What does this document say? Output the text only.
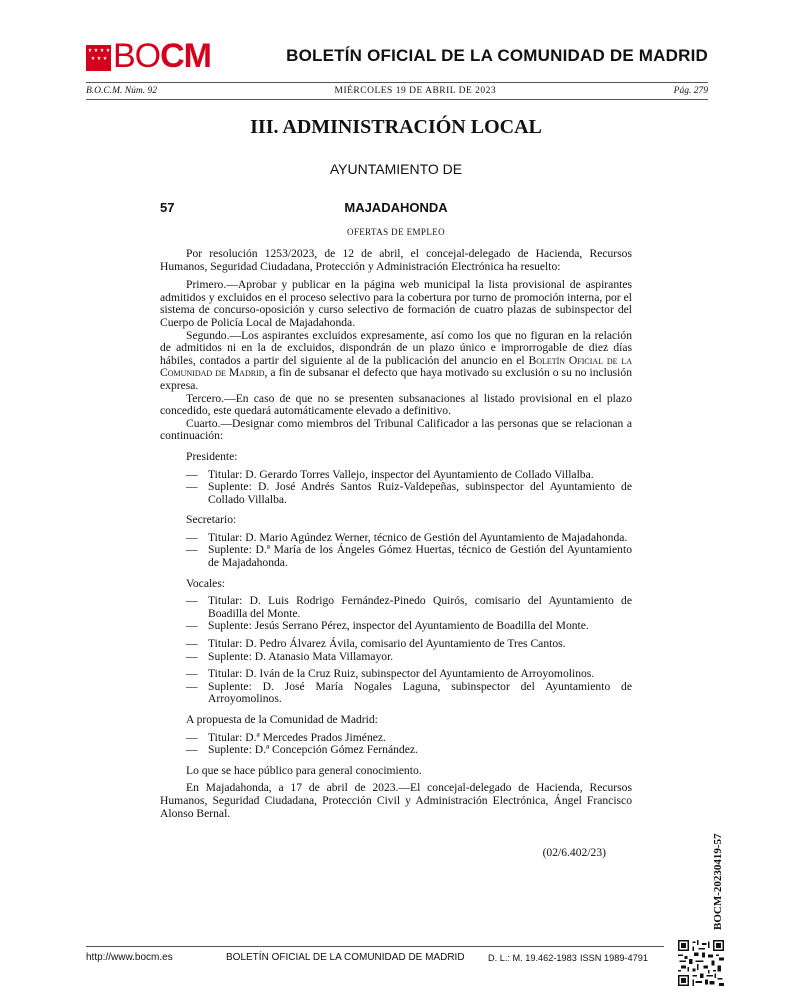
BO CM	BOLETÍN OFICIAL DE LA COMUNIDAD DE MADRID
B.O.C.M. Núm. 92	MIÉRCOLES 19 DE ABRIL DE 2023	Pág. 279
III. ADMINISTRACIÓN LOCAL
AYUNTAMIENTO DE
57	MAJADAHONDA
OFERTAS DE EMPLEO

Por resolución 1253/2023, de 12 de abril, el concejal-delegado de Hacienda, Recursos Humanos, Seguridad Ciudadana, Protección y Administración Electrónica ha resuelto:

Primero.—Aprobar y publicar en la página web municipal la lista provisional de aspirantes admitidos y excluidos en el proceso selectivo para la cobertura por turno de promoción interna, por el sistema de concurso-oposición y curso selectivo de formación de cuatro plazas de subinspector del Cuerpo de Policía Local de Majadahonda.

Segundo.—Los aspirantes excluidos expresamente, así como los que no figuran en la relación de admitidos ni en la de excluidos, dispondrán de un plazo único e improrrogable de diez días hábiles, contados a partir del siguiente al de la publicación del anuncio en el Boletín Oficial de la Comunidad de Madrid, a fin de subsanar el defecto que haya motivado su exclusión o su no inclusión expresa.

Tercero.—En caso de que no se presenten subsanaciones al listado provisional en el plazo concedido, este quedará automáticamente elevado a definitivo.

Cuarto.—Designar como miembros del Tribunal Calificador a las personas que se relacionan a continuación:

Presidente:

— Titular: D. Gerardo Torres Vallejo, inspector del Ayuntamiento de Collado Villalba.
— Suplente: D. José Andrés Santos Ruiz-Valdepeñas, subinspector del Ayuntamiento de Collado Villalba.

Secretario:

— Titular: D. Mario Agúndez Werner, técnico de Gestión del Ayuntamiento de Majadahonda.
— Suplente: D.ª María de los Ángeles Gómez Huertas, técnico de Gestión del Ayuntamiento de Majadahonda.

Vocales:

— Titular: D. Luis Rodrigo Fernández-Pinedo Quirós, comisario del Ayuntamiento de Boadilla del Monte.
— Suplente: Jesús Serrano Pérez, inspector del Ayuntamiento de Boadilla del Monte.
— Titular: D. Pedro Álvarez Ávila, comisario del Ayuntamiento de Tres Cantos.
— Suplente: D. Atanasio Mata Villamayor.
— Titular: D. Iván de la Cruz Ruiz, subinspector del Ayuntamiento de Arroyomolinos.
— Suplente: D. José María Nogales Laguna, subinspector del Ayuntamiento de Arroyomolinos.

A propuesta de la Comunidad de Madrid:

— Titular: D.ª Mercedes Prados Jiménez.
— Suplente: D.ª Concepción Gómez Fernández.

Lo que se hace público para general conocimiento.

En Majadahonda, a 17 de abril de 2023.—El concejal-delegado de Hacienda, Recursos Humanos, Seguridad Ciudadana, Protección Civil y Administración Electrónica, Ángel Francisco Alonso Bernal.

(02/6.402/23)	BOCM-20230419-57
http://www.bocm.es	BOLETÍN OFICIAL DE LA COMUNIDAD DE MADRID	D. L.: M. 19.462-1983 ISSN 1989-4791
